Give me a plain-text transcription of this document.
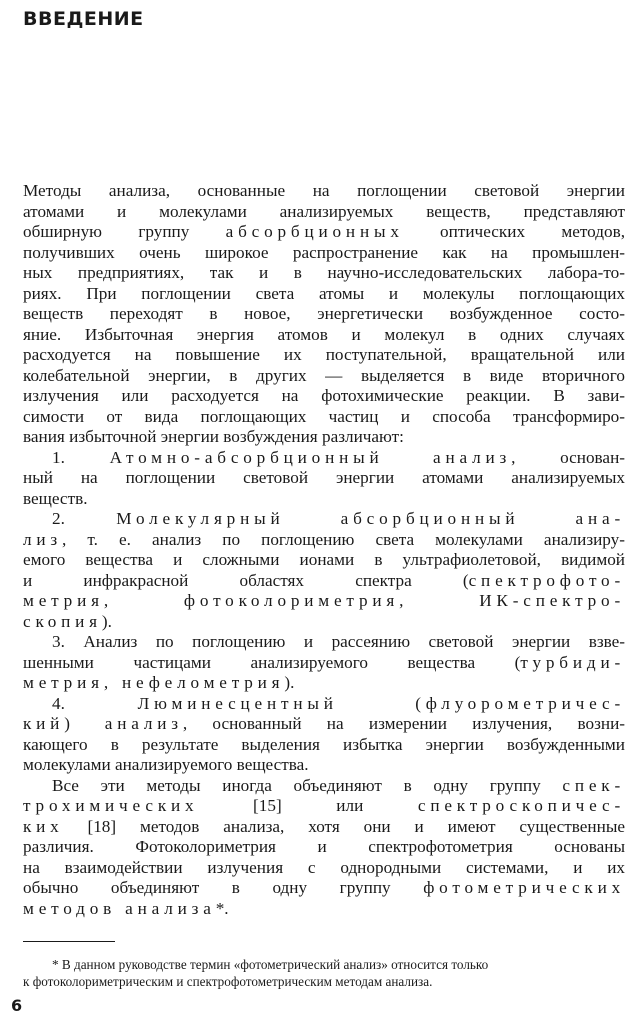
ВВЕДЕНИЕ
Методы анализа, основанные на поглощении световой энергии
атомами и молекулами анализируемых веществ, представляют
обширную группу абсорбционных оптических методов,
получивших очень широкое распространение как на промышлен-
ных предприятиях, так и в научно-исследовательских лабора-то-
риях. При поглощении света атомы и молекулы поглощающих
веществ переходят в новое, энергетически возбужденное состо-
яние. Избыточная энергия атомов и молекул в одних случаях
расходуется на повышение их поступательной, вращательной или
колебательной энергии, в других — выделяется в виде вторичного
излучения или расходуется на фотохимические реакции. В зави-
симости от вида поглощающих частиц и способа трансформиро-
вания избыточной энергии возбуждения различают:
1. Атомно-абсорбционный анализ, основан-
ный на поглощении световой энергии атомами анализируемых
веществ.
2. Молекулярный абсорбционный ана-
лиз, т. е. анализ по поглощению света молекулами анализиру-
емого вещества и сложными ионами в ультрафиолетовой, видимой
и инфракрасной областях спектра (спектрофото-
метрия, фотоколориметрия, ИК-спектро-
скопия).
3. Анализ по поглощению и рассеянию световой энергии взве-
шенными частицами анализируемого вещества (турбиди-
метрия, нефелометрия).
4. Люминесцентный (флуорометричес-
кий) анализ, основанный на измерении излучения, возни-
кающего в результате выделения избытка энергии возбужденными
молекулами анализируемого вещества.
Все эти методы иногда объединяют в одну группу спек-
трохимических [15] или спектроскопичес-
ких [18] методов анализа, хотя они и имеют существенные
различия. Фотоколориметрия и спектрофотометрия основаны
на взаимодействии излучения с однородными системами, и их
обычно объединяют в одну группу фотометрических
методов анализа*.
* В данном руководстве термин «фотометрический анализ» относится только
к фотоколориметрическим и спектрофотометрическим методам анализа.
6
